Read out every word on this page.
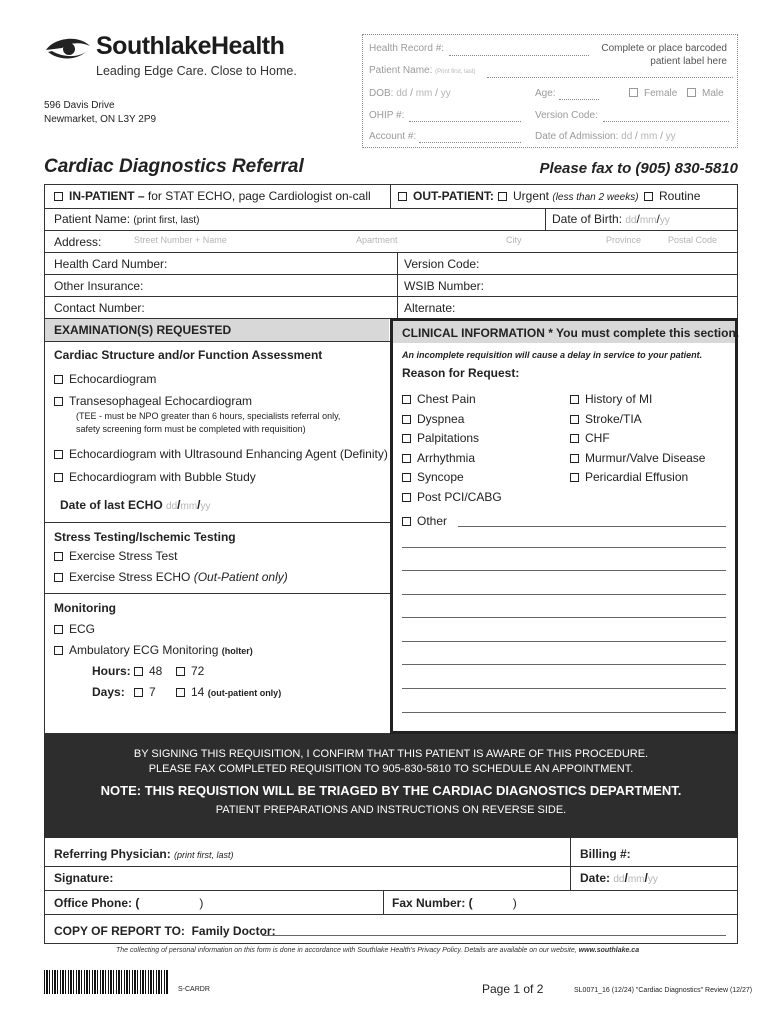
SouthlakeHealth
Leading Edge Care. Close to Home.
596 Davis Drive
Newmarket, ON L3Y 2P9
Health Record #:	Complete or place barcoded
patient label here
Patient Name: (Print first, last)
DOB: dd / mm / yy	Age:	Female	Male
OHIP #:	Version Code:
Account #:	Date of Admission: dd / mm / yy
Cardiac Diagnostics Referral	Please fax to (905) 830-5810
IN-PATIENT – for STAT ECHO, page Cardiologist on-call	OUT-PATIENT:	Urgent (less than 2 weeks)	Routine
Patient Name: (print first, last)	Date of Birth: dd/mm/yy
Address:	Street Number + Name	Apartment	City	Province	Postal Code
Health Card Number:	Version Code:
Other Insurance:	WSIB Number:
Contact Number:	Alternate:
EXAMINATION(S) REQUESTED	CLINICAL INFORMATION * You must complete this section.
An incomplete requisition will cause a delay in service to your patient.
Reason for Request:
Chest Pain
Dyspnea
Palpitations
Arrhythmia
Syncope
Post PCI/CABG
History of MI
Stroke/TIA
CHF
Murmur/Valve Disease
Pericardial Effusion
Other
Cardiac Structure and/or Function Assessment
Echocardiogram
Transesophageal Echocardiogram
(TEE - must be NPO greater than 6 hours, specialists referral only,
safety screening form must be completed with requisition)
Echocardiogram with Ultrasound Enhancing Agent (Definity)
Echocardiogram with Bubble Study
Date of last ECHO dd/mm/yy
Stress Testing/Ischemic Testing
Exercise Stress Test
Exercise Stress ECHO (Out-Patient only)
Monitoring
ECG
Ambulatory ECG Monitoring (holter)
Hours:	48	72
Days:	7	14 (out-patient only)
BY SIGNING THIS REQUISITION, I CONFIRM THAT THIS PATIENT IS AWARE OF THIS PROCEDURE.
PLEASE FAX COMPLETED REQUISITION TO 905-830-5810 TO SCHEDULE AN APPOINTMENT.
NOTE: THIS REQUISTION WILL BE TRIAGED BY THE CARDIAC DIAGNOSTICS DEPARTMENT.
PATIENT PREPARATIONS AND INSTRUCTIONS ON REVERSE SIDE.
Referring Physician: (print first, last)	Billing #:
Signature:	Date: dd/mm/yy
Office Phone: (	)	Fax Number: (	)
COPY OF REPORT TO: Family Doctor:
The collecting of personal information on this form is done in accordance with Southlake Health's Privacy Policy. Details are available on our website, www.southlake.ca
S-CARDR	Page 1 of 2	SL0071_16 (12/24) "Cardiac Diagnostics" Review (12/27)
